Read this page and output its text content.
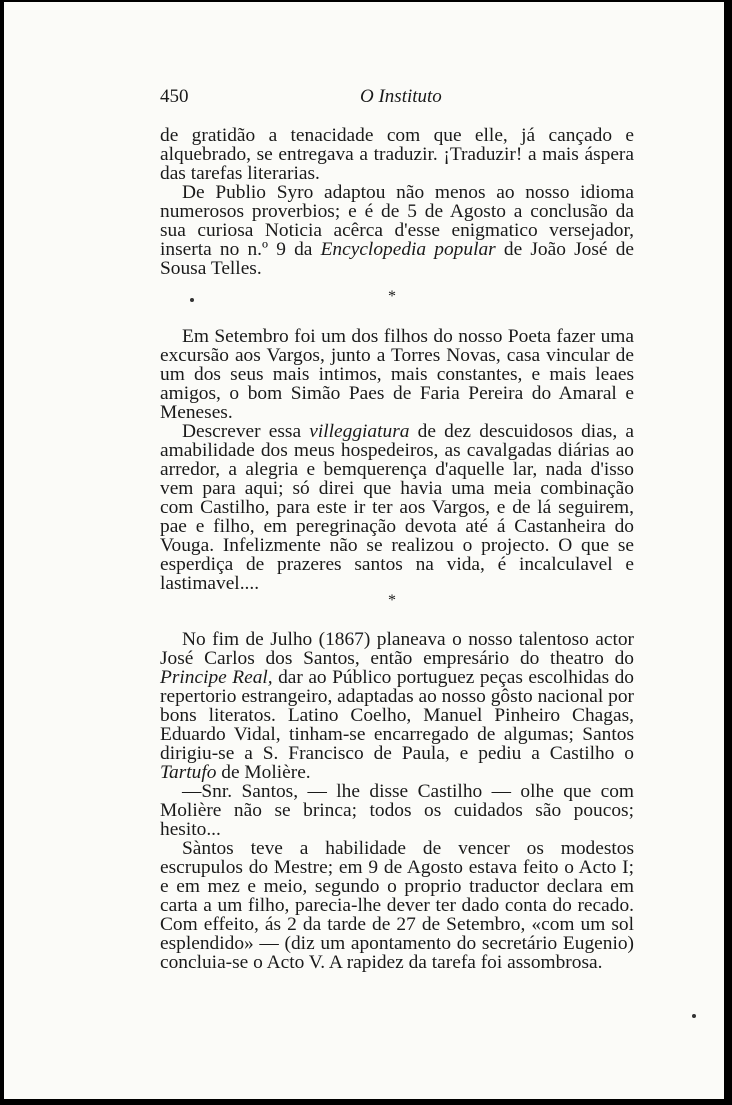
450	O Instituto

de gratidão a tenacidade com que elle, já cançado e alquebrado, se entregava a traduzir. ¡Traduzir! a mais áspera das tarefas literarias.

De Publio Syro adaptou não menos ao nosso idioma numerosos proverbios; e é de 5 de Agosto a conclusão da sua curiosa Noticia acêrca d'esse enigmatico versejador, inserta no n.º 9 da Encyclopedia popular de João José de Sousa Telles.

*

Em Setembro foi um dos filhos do nosso Poeta fazer uma excursão aos Vargos, junto a Torres Novas, casa vincular de um dos seus mais intimos, mais constantes, e mais leaes amigos, o bom Simão Paes de Faria Pereira do Amaral e Meneses.

Descrever essa villeggiatura de dez descuidosos dias, a amabilidade dos meus hospedeiros, as cavalgadas diárias ao arredor, a alegria e bemquerença d'aquelle lar, nada d'isso vem para aqui; só direi que havia uma meia combinação com Castilho, para este ir ter aos Vargos, e de lá seguirem, pae e filho, em peregrinação devota até á Castanheira do Vouga. Infelizmente não se realizou o projecto. O que se esperdiça de prazeres santos na vida, é incalculavel e lastimavel....

*

No fim de Julho (1867) planeava o nosso talentoso actor José Carlos dos Santos, então empresário do theatro do Principe Real, dar ao Público portuguez peças escolhidas do repertorio estrangeiro, adaptadas ao nosso gôsto nacional por bons literatos. Latino Coelho, Manuel Pinheiro Chagas, Eduardo Vidal, tinham-se encarregado de algumas; Santos dirigiu-se a S. Francisco de Paula, e pediu a Castilho o Tartufo de Molière.

—Snr. Santos, — lhe disse Castilho — olhe que com Molière não se brinca; todos os cuidados são poucos; hesito...

Sàntos teve a habilidade de vencer os modestos escrupulos do Mestre; em 9 de Agosto estava feito o Acto I; e em mez e meio, segundo o proprio traductor declara em carta a um filho, parecia-lhe dever ter dado conta do recado. Com effeito, ás 2 da tarde de 27 de Setembro, «com um sol esplendido» — (diz um apontamento do secretário Eugenio) concluia-se o Acto V. A rapidez da tarefa foi assombrosa.
